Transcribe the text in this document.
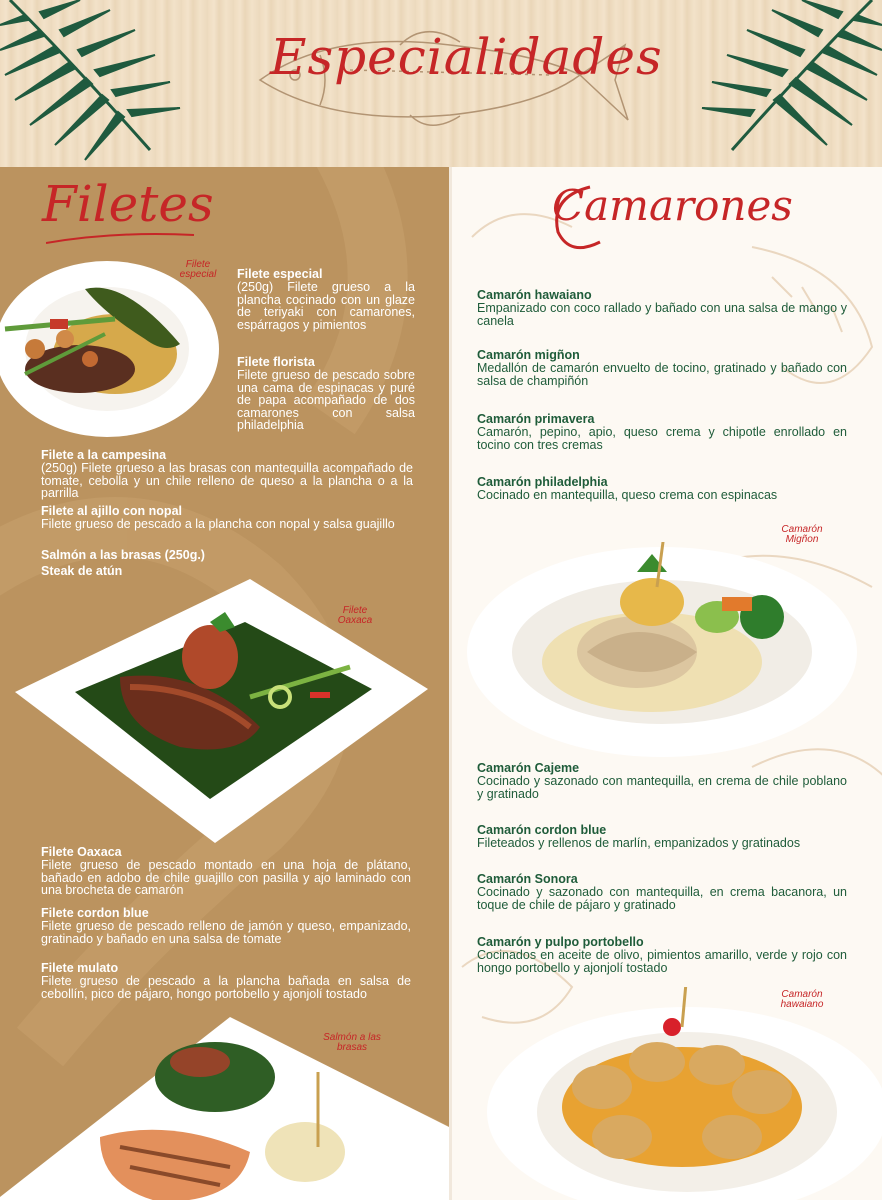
Especialidades
Filetes
Filete especial	Filete especial
(250g) Filete grueso a la plancha cocinado con un glaze de teriyaki con camarones, espárragos y pimientos
Filete florista
Filete grueso de pescado sobre una cama de espinacas y puré de papa acompañado de dos camarones con salsa philadelphia
Filete a la campesina
(250g) Filete grueso a las brasas con mantequilla acompañado de tomate, cebolla y un chile relleno de queso a la plancha o a la parrilla
Filete al ajillo con nopal
Filete grueso de pescado a la plancha con nopal y salsa guajillo
Salmón a las brasas (250g.)
Steak de atún
Filete Oaxaca
Filete Oaxaca
Filete grueso de pescado montado en una hoja de plátano, bañado en adobo de chile guajillo con pasilla y ajo laminado con una brocheta de camarón
Filete cordon blue
Filete grueso de pescado relleno de jamón y queso, empanizado, gratinado y bañado en una salsa de tomate
Filete mulato
Filete grueso de pescado a la plancha bañada en salsa de cebollín, pico de pájaro, hongo portobello y ajonjolí tostado
Salmón a las brasas
Camarones
Camarón hawaiano
Empanizado con coco rallado y bañado con una salsa de mango y canela
Camarón migñon
Medallón de camarón envuelto de tocino, gratinado y bañado con salsa de champiñón
Camarón primavera
Camarón, pepino, apio, queso crema y chipotle enrollado en tocino con tres cremas
Camarón philadelphia
Cocinado en mantequilla, queso crema con espinacas
Camarón Migñon
Camarón Cajeme
Cocinado y sazonado con mantequilla, en crema de chile poblano y gratinado
Camarón cordon blue
Fileteados y rellenos de marlín, empanizados y gratinados
Camarón Sonora
Cocinado y sazonado con mantequilla, en crema bacanora, un toque de chile de pájaro y gratinado
Camarón y pulpo portobello
Cocinados en aceite de olivo, pimientos amarillo, verde y rojo con hongo portobello y ajonjolí tostado
Camarón hawaiano
